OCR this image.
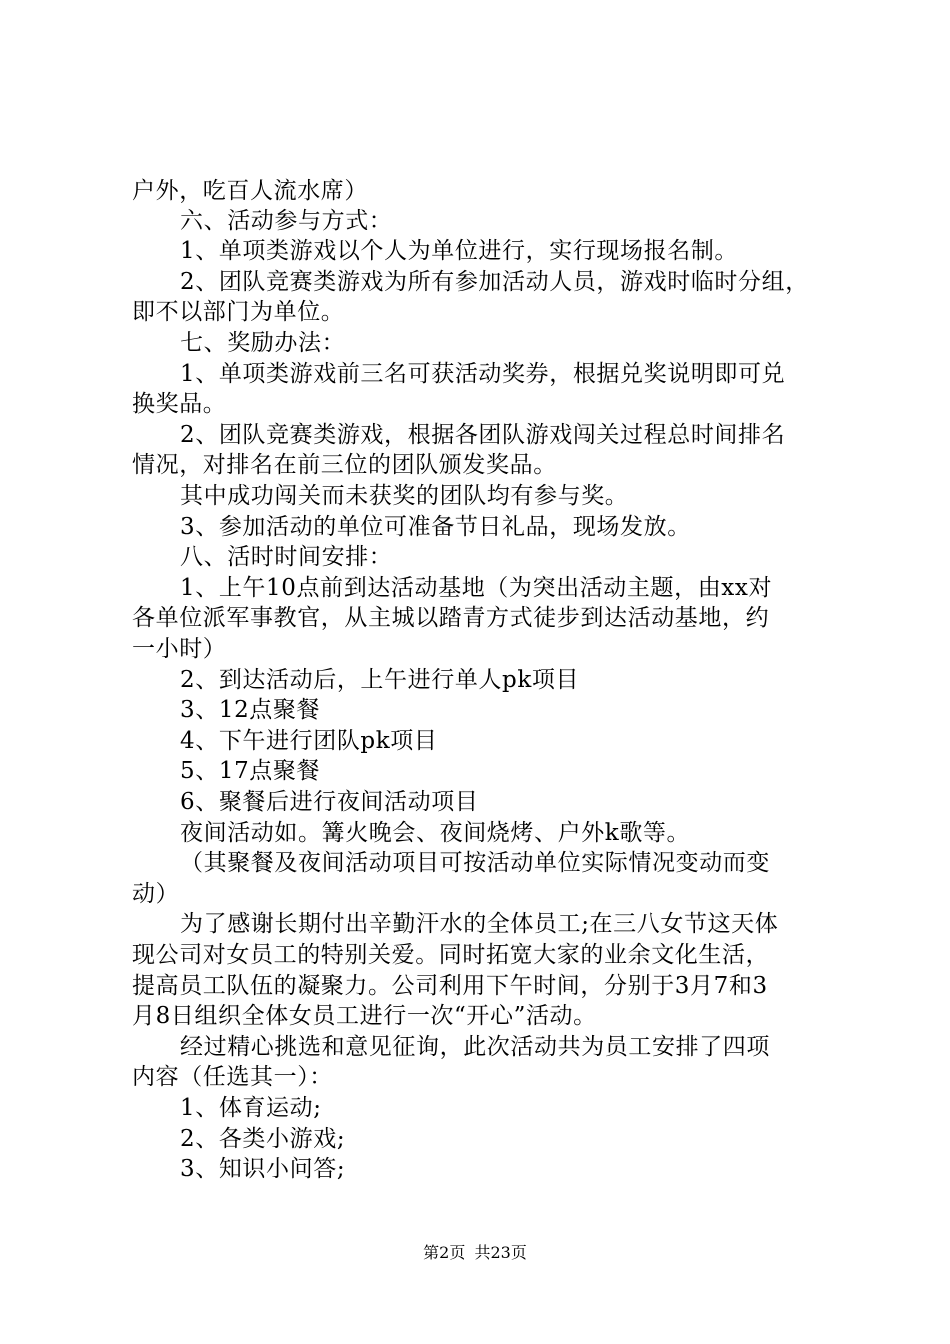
户外，吃百人流水席）
六、活动参与方式：
1、单项类游戏以个人为单位进行，实行现场报名制。
2、团队竞赛类游戏为所有参加活动人员，游戏时临时分组，
即不以部门为单位。
七、奖励办法：
1、单项类游戏前三名可获活动奖券，根据兑奖说明即可兑
换奖品。
2、团队竞赛类游戏，根据各团队游戏闯关过程总时间排名
情况，对排名在前三位的团队颁发奖品。
其中成功闯关而未获奖的团队均有参与奖。
3、参加活动的单位可准备节日礼品，现场发放。
八、活时时间安排：
1、上午10点前到达活动基地（为突出活动主题，由xx对
各单位派军事教官，从主城以踏青方式徒步到达活动基地，约
一小时）
2、到达活动后，上午进行单人pk项目
3、12点聚餐
4、下午进行团队pk项目
5、17点聚餐
6、聚餐后进行夜间活动项目
夜间活动如。篝火晚会、夜间烧烤、户外k歌等。
（其聚餐及夜间活动项目可按活动单位实际情况变动而变
动）
为了感谢长期付出辛勤汗水的全体员工;在三八女节这天体
现公司对女员工的特别关爱。同时拓宽大家的业余文化生活，
提高员工队伍的凝聚力。公司利用下午时间，分别于3月7和3
月8日组织全体女员工进行一次“开心”活动。
经过精心挑选和意见征询，此次活动共为员工安排了四项
内容（任选其一）：
1、体育运动;
2、各类小游戏;
3、知识小问答;
第2页 共23页
